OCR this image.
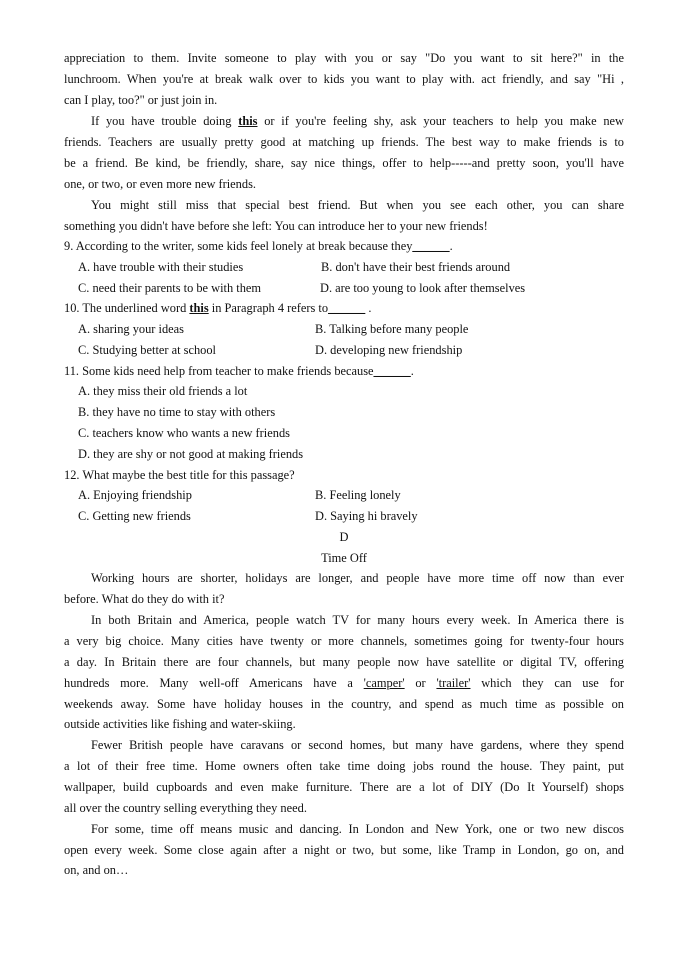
appreciation to them. Invite someone to play with you or say "Do you want to sit here?" in the
lunchroom. When you're at break walk over to kids you want to play with. act friendly, and say "Hi ,
can I play, too?" or just join in.
If you have trouble doing this or if you're feeling shy, ask your teachers to help you make new
friends. Teachers are usually pretty good at matching up friends. The best way to make friends is to
be a friend. Be kind, be friendly, share, say nice things, offer to help-----and pretty soon, you'll have
one, or two, or even more new friends.
You might still miss that special best friend. But when you see each other, you can share
something you didn't have before she left: You can introduce her to your new friends!
9. According to the writer, some kids feel lonely at break because they______.
A. have trouble with their studies	B. don't have their best friends around
C. need their parents to be with them	D. are too young to look after themselves
10. The underlined word this in Paragraph 4 refers to______ .
A. sharing your ideas	B. Talking before many people
C. Studying better at school	D. developing new friendship
11. Some kids need help from teacher to make friends because______.
A. they miss their old friends a lot
B. they have no time to stay with others
C. teachers know who wants a new friends
D. they are shy or not good at making friends
12. What maybe the best title for this passage?
A. Enjoying friendship	B. Feeling lonely
C. Getting new friends	D. Saying hi bravely
D
Time Off
Working hours are shorter, holidays are longer, and people have more time off now than ever
before. What do they do with it?
In both Britain and America, people watch TV for many hours every week. In America there is
a very big choice. Many cities have twenty or more channels, sometimes going for twenty-four hours
a day. In Britain there are four channels, but many people now have satellite or digital TV, offering
hundreds more. Many well-off Americans have a 'camper' or 'trailer' which they can use for
weekends away. Some have holiday houses in the country, and spend as much time as possible on
outside activities like fishing and water-skiing.
Fewer British people have caravans or second homes, but many have gardens, where they spend
a lot of their free time. Home owners often take time doing jobs round the house. They paint, put
wallpaper, build cupboards and even make furniture. There are a lot of DIY (Do It Yourself) shops
all over the country selling everything they need.
For some, time off means music and dancing. In London and New York, one or two new discos
open every week. Some close again after a night or two, but some, like Tramp in London, go on, and
on, and on…
